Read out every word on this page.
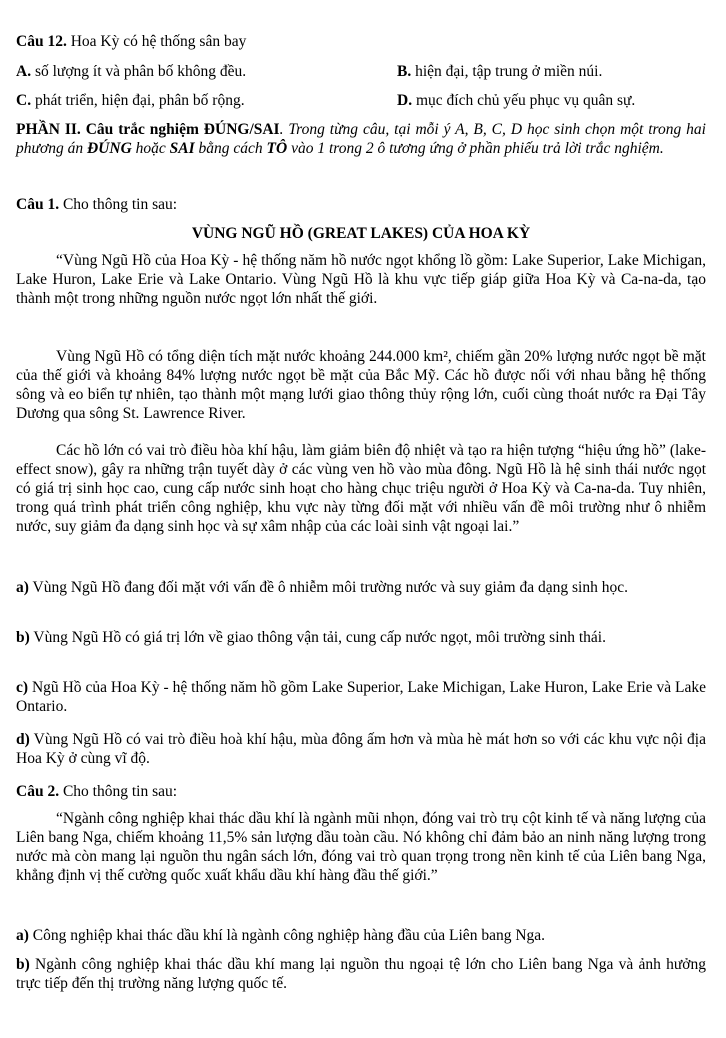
Câu 12. Hoa Kỳ có hệ thống sân bay
A. số lượng ít và phân bố không đều.	B. hiện đại, tập trung ở miền núi.
C. phát triển, hiện đại, phân bố rộng.	D. mục đích chủ yếu phục vụ quân sự.
PHẦN II. Câu trắc nghiệm ĐÚNG/SAI. Trong từng câu, tại mỗi ý A, B, C, D học sinh chọn một trong hai phương án ĐÚNG hoặc SAI bằng cách TÔ vào 1 trong 2 ô tương ứng ở phần phiếu trả lời trắc nghiệm.
Câu 1. Cho thông tin sau:
VÙNG NGŨ HỒ (GREAT LAKES) CỦA HOA KỲ
“Vùng Ngũ Hồ của Hoa Kỳ - hệ thống năm hồ nước ngọt khổng lồ gồm: Lake Superior, Lake Michigan, Lake Huron, Lake Erie và Lake Ontario. Vùng Ngũ Hồ là khu vực tiếp giáp giữa Hoa Kỳ và Ca-na-da, tạo thành một trong những nguồn nước ngọt lớn nhất thế giới.
Vùng Ngũ Hồ có tổng diện tích mặt nước khoảng 244.000 km², chiếm gần 20% lượng nước ngọt bề mặt của thế giới và khoảng 84% lượng nước ngọt bề mặt của Bắc Mỹ. Các hồ được nối với nhau bằng hệ thống sông và eo biển tự nhiên, tạo thành một mạng lưới giao thông thủy rộng lớn, cuối cùng thoát nước ra Đại Tây Dương qua sông St. Lawrence River.
Các hồ lớn có vai trò điều hòa khí hậu, làm giảm biên độ nhiệt và tạo ra hiện tượng “hiệu ứng hồ” (lake-effect snow), gây ra những trận tuyết dày ở các vùng ven hồ vào mùa đông. Ngũ Hồ là hệ sinh thái nước ngọt có giá trị sinh học cao, cung cấp nước sinh hoạt cho hàng chục triệu người ở Hoa Kỳ và Ca-na-da. Tuy nhiên, trong quá trình phát triển công nghiệp, khu vực này từng đối mặt với nhiều vấn đề môi trường như ô nhiễm nước, suy giảm đa dạng sinh học và sự xâm nhập của các loài sinh vật ngoại lai.”
a) Vùng Ngũ Hồ đang đối mặt với vấn đề ô nhiễm môi trường nước và suy giảm đa dạng sinh học.
b) Vùng Ngũ Hồ có giá trị lớn về giao thông vận tải, cung cấp nước ngọt, môi trường sinh thái.
c) Ngũ Hồ của Hoa Kỳ - hệ thống năm hồ gồm Lake Superior, Lake Michigan, Lake Huron, Lake Erie và Lake Ontario.
d) Vùng Ngũ Hồ có vai trò điều hoà khí hậu, mùa đông ấm hơn và mùa hè mát hơn so với các khu vực nội địa Hoa Kỳ ở cùng vĩ độ.
Câu 2. Cho thông tin sau:
“Ngành công nghiệp khai thác dầu khí là ngành mũi nhọn, đóng vai trò trụ cột kinh tế và năng lượng của Liên bang Nga, chiếm khoảng 11,5% sản lượng dầu toàn cầu. Nó không chỉ đảm bảo an ninh năng lượng trong nước mà còn mang lại nguồn thu ngân sách lớn, đóng vai trò quan trọng trong nền kinh tế của Liên bang Nga, khẳng định vị thế cường quốc xuất khẩu dầu khí hàng đầu thế giới.”
a) Công nghiệp khai thác dầu khí là ngành công nghiệp hàng đầu của Liên bang Nga.
b) Ngành công nghiệp khai thác dầu khí mang lại nguồn thu ngoại tệ lớn cho Liên bang Nga và ảnh hưởng trực tiếp đến thị trường năng lượng quốc tế.
